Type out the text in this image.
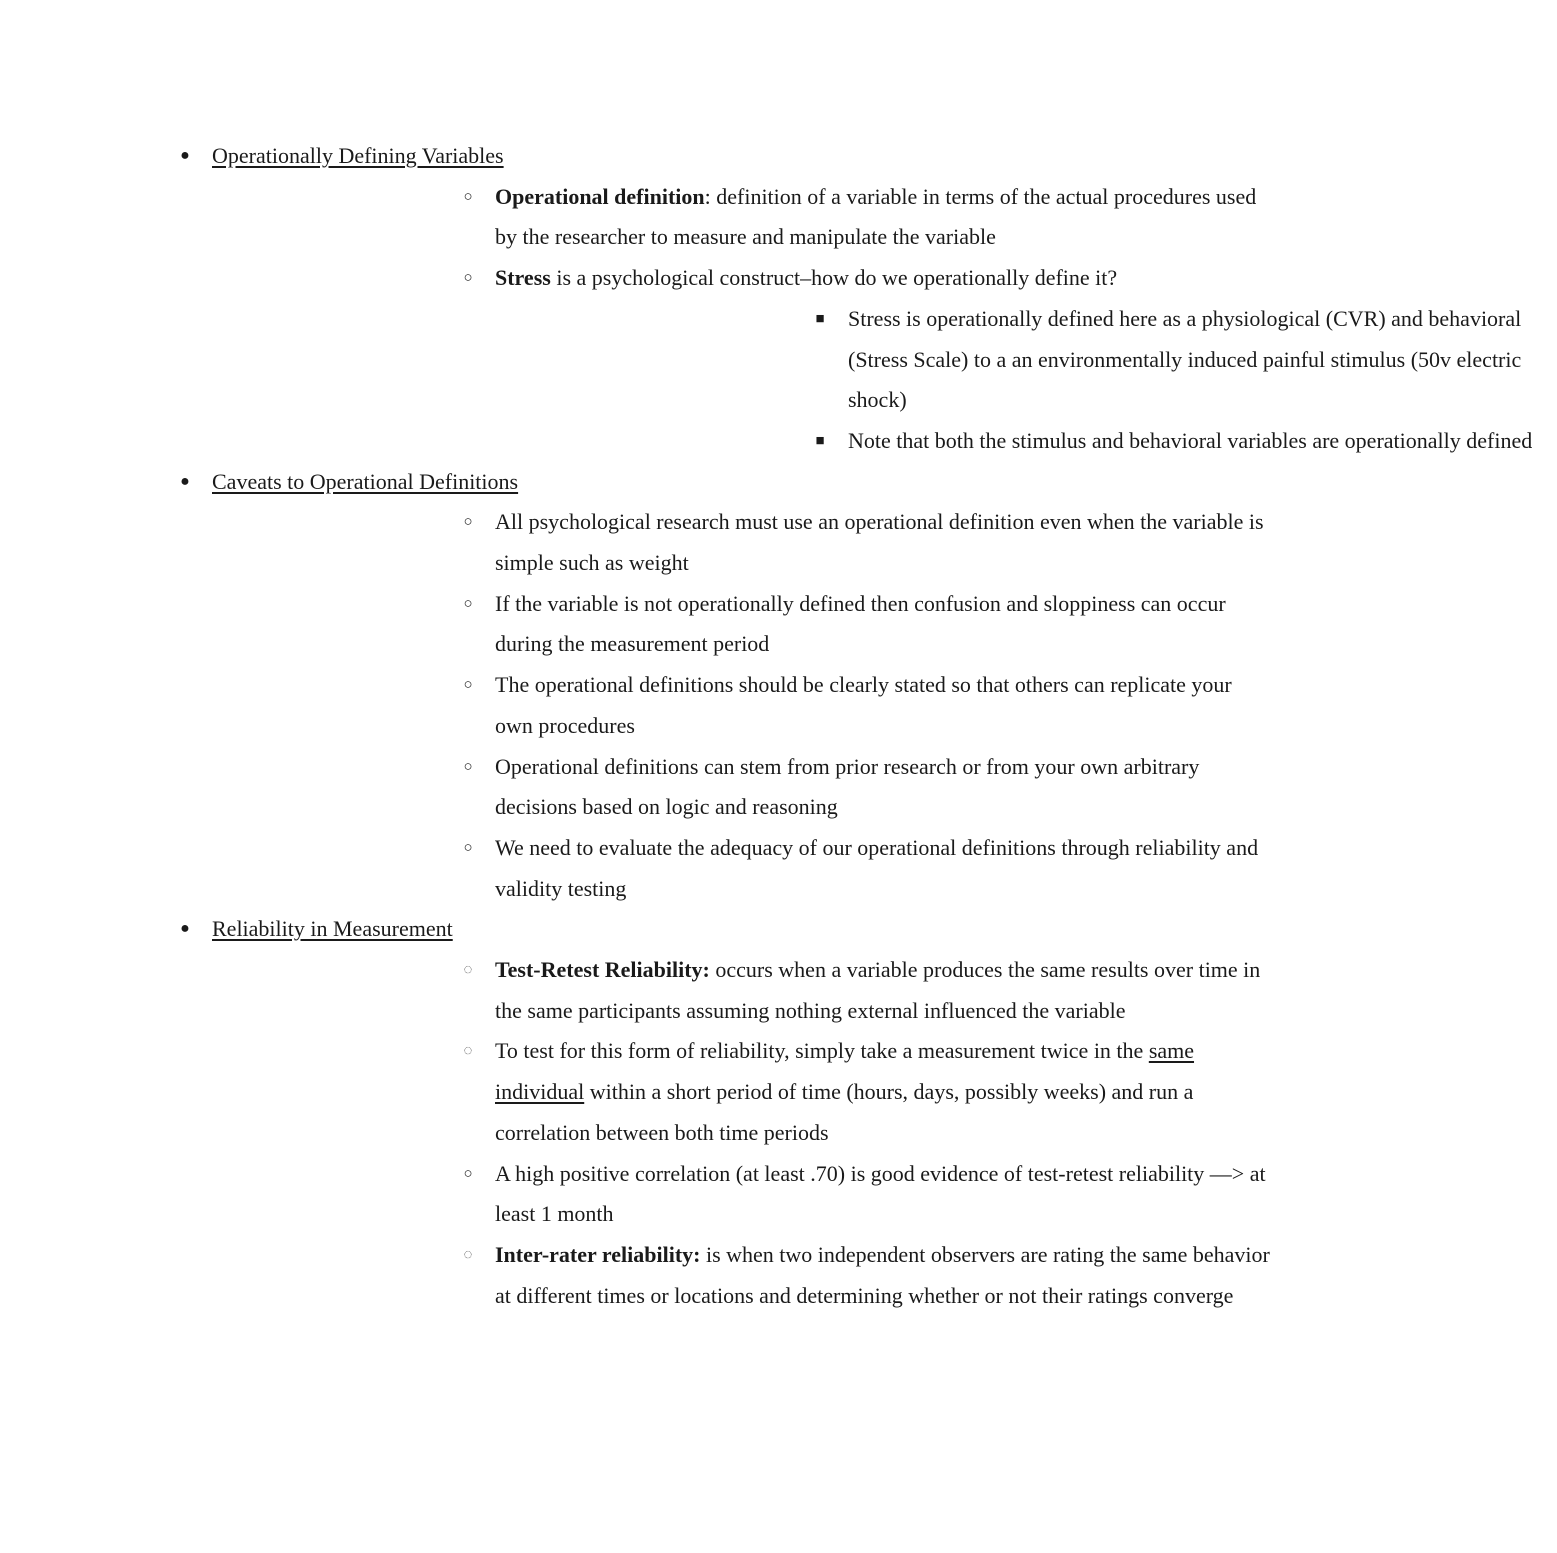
● Operationally Defining Variables
○ Operational definition: definition of a variable in terms of the actual procedures used by the researcher to measure and manipulate the variable
○ Stress is a psychological construct–how do we operationally define it?
■ Stress is operationally defined here as a physiological (CVR) and behavioral (Stress Scale) to a an environmentally induced painful stimulus (50v electric shock)
■ Note that both the stimulus and behavioral variables are operationally defined
● Caveats to Operational Definitions
○ All psychological research must use an operational definition even when the variable is simple such as weight
○ If the variable is not operationally defined then confusion and sloppiness can occur during the measurement period
○ The operational definitions should be clearly stated so that others can replicate your own procedures
○ Operational definitions can stem from prior research or from your own arbitrary decisions based on logic and reasoning
○ We need to evaluate the adequacy of our operational definitions through reliability and validity testing
● Reliability in Measurement
◌ Test-Retest Reliability: occurs when a variable produces the same results over time in the same participants assuming nothing external influenced the variable
◌ To test for this form of reliability, simply take a measurement twice in the same individual within a short period of time (hours, days, possibly weeks) and run a correlation between both time periods
○ A high positive correlation (at least .70) is good evidence of test-retest reliability —> at least 1 month
◌ Inter-rater reliability: is when two independent observers are rating the same behavior at different times or locations and determining whether or not their ratings converge
